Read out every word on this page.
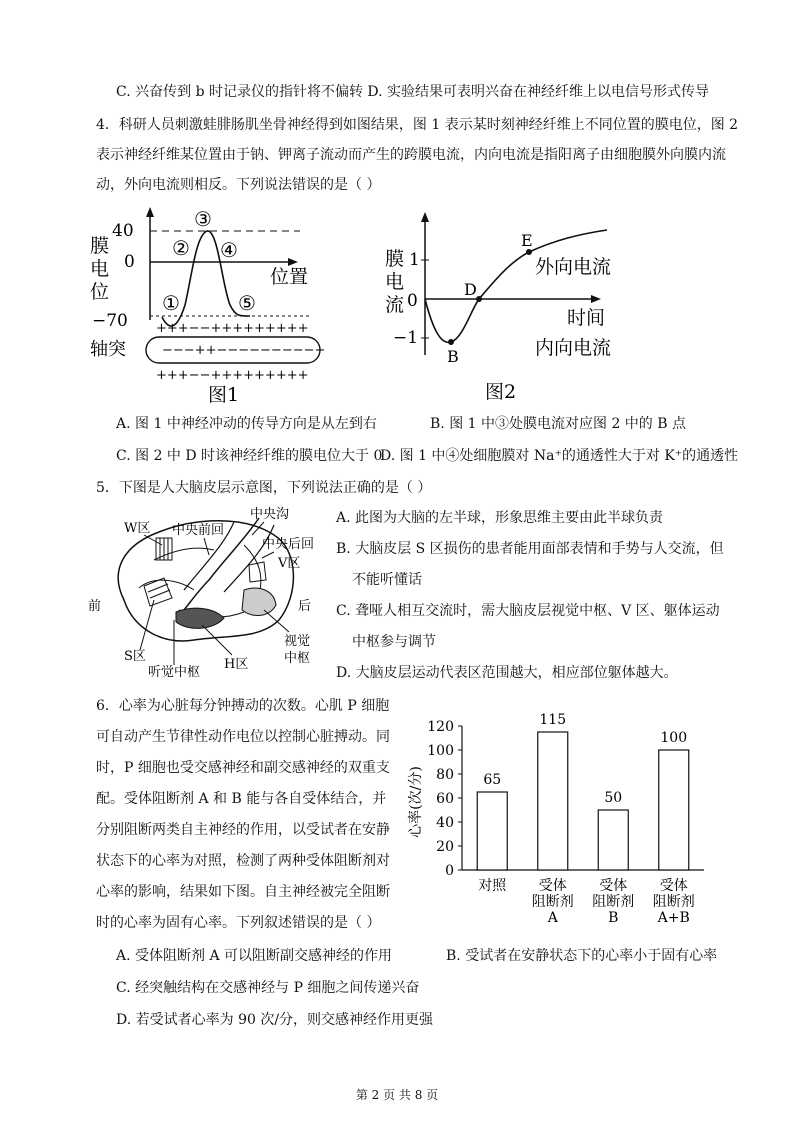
C. 兴奋传到 b 时记录仪的指针将不偏转 D. 实验结果可表明兴奋在神经纤维上以电信号形式传导
4．科研人员刺激蛙腓肠肌坐骨神经得到如图结果，图 1 表示某时刻神经纤维上不同位置的膜电位，图 2
表示神经纤维某位置由于钠、钾离子流动而产生的跨膜电流，内向电流是指阳离子由细胞膜外向膜内流
动，外向电流则相反。下列说法错误的是（ ）
膜
电
位
40
0
−70
位置
①
②
③
④
⑤
+++−−+++++++++
轴突	−−−++−−−−−−−−−−
+++−−+++++++++
图1
膜
电
流
1
0
−1
B
D
E
外向电流
时间
内向电流
图2
A. 图 1 中神经冲动的传导方向是从左到右	B. 图 1 中③处膜电流对应图 2 中的 B 点
C. 图 2 中 D 时该神经纤维的膜电位大于 0
D. 图 1 中④处细胞膜对 Na⁺的通透性大于对 K⁺的通透性
5．下图是人大脑皮层示意图，下列说法正确的是（ ）
W区 中央前回
中央沟
中央后回
V区
前	后
S区
听觉中枢
H区
视觉
中枢
A. 此图为大脑的左半球，形象思维主要由此半球负责
B. 大脑皮层 S 区损伤的患者能用面部表情和手势与人交流，但
不能听懂话
C. 聋哑人相互交流时，需大脑皮层视觉中枢、V 区、躯体运动
中枢参与调节
D. 大脑皮层运动代表区范围越大，相应部位躯体越大。
6．心率为心脏每分钟搏动的次数。心肌 P 细胞
可自动产生节律性动作电位以控制心脏搏动。同
时，P 细胞也受交感神经和副交感神经的双重支
配。受体阻断剂 A 和 B 能与各自受体结合，并
分别阻断两类自主神经的作用，以受试者在安静
状态下的心率为对照，检测了两种受体阻断剂对
心率的影响，结果如下图。自主神经被完全阻断
时的心率为固有心率。下列叙述错误的是（ ）
心率(次/分)
0
20
40
60
80
100
120
65
115
50
100
对照 受体
阻断剂
A
受体
阻断剂
B
受体
阻断剂
A+B
A. 受体阻断剂 A 可以阻断副交感神经的作用	B. 受试者在安静状态下的心率小于固有心率
C. 经突触结构在交感神经与 P 细胞之间传递兴奋
D. 若受试者心率为 90 次/分，则交感神经作用更强
第 2 页 共 8 页
